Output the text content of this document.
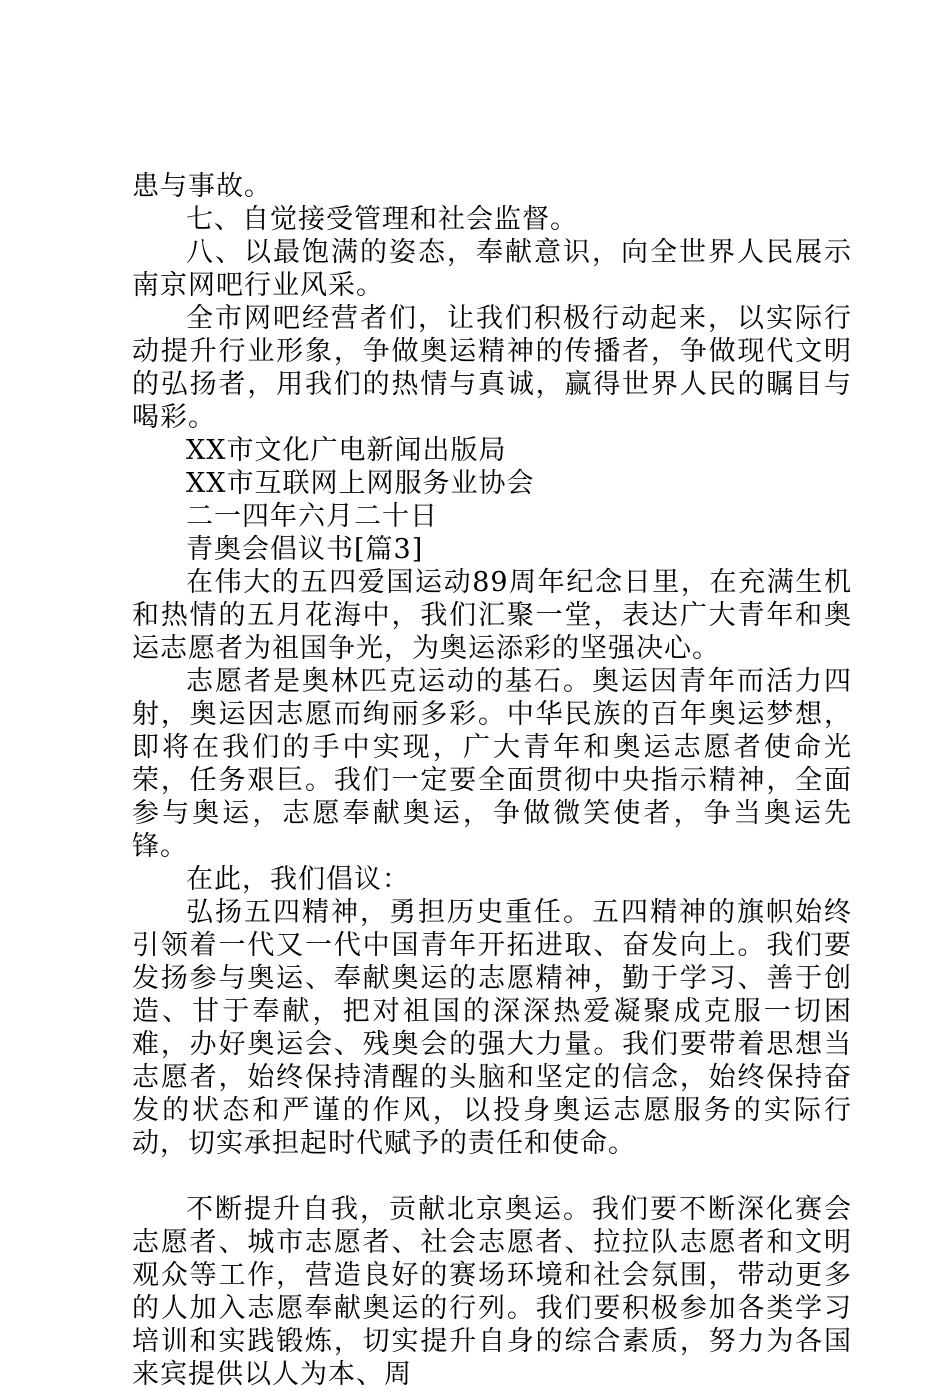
患与事故。

七、自觉接受管理和社会监督。

八、以最饱满的姿态，奉献意识，向全世界人民展示南京网吧行业风采。

全市网吧经营者们，让我们积极行动起来，以实际行动提升行业形象，争做奥运精神的传播者，争做现代文明的弘扬者，用我们的热情与真诚，赢得世界人民的瞩目与喝彩。

XX市文化广电新闻出版局

XX市互联网上网服务业协会

二一四年六月二十日

青奥会倡议书[篇3]

在伟大的五四爱国运动89周年纪念日里，在充满生机和热情的五月花海中，我们汇聚一堂，表达广大青年和奥运志愿者为祖国争光，为奥运添彩的坚强决心。

志愿者是奥林匹克运动的基石。奥运因青年而活力四射，奥运因志愿而绚丽多彩。中华民族的百年奥运梦想，即将在我们的手中实现，广大青年和奥运志愿者使命光荣，任务艰巨。我们一定要全面贯彻中央指示精神，全面参与奥运，志愿奉献奥运，争做微笑使者，争当奥运先锋。

在此，我们倡议：

弘扬五四精神，勇担历史重任。五四精神的旗帜始终引领着一代又一代中国青年开拓进取、奋发向上。我们要发扬参与奥运、奉献奥运的志愿精神，勤于学习、善于创造、甘于奉献，把对祖国的深深热爱凝聚成克服一切困难，办好奥运会、残奥会的强大力量。我们要带着思想当志愿者，始终保持清醒的头脑和坚定的信念，始终保持奋发的状态和严谨的作风，以投身奥运志愿服务的实际行动，切实承担起时代赋予的责任和使命。

不断提升自我，贡献北京奥运。我们要不断深化赛会志愿者、城市志愿者、社会志愿者、拉拉队志愿者和文明观众等工作，营造良好的赛场环境和社会氛围，带动更多的人加入志愿奉献奥运的行列。我们要积极参加各类学习培训和实践锻炼，切实提升自身的综合素质，努力为各国来宾提供以人为本、周
